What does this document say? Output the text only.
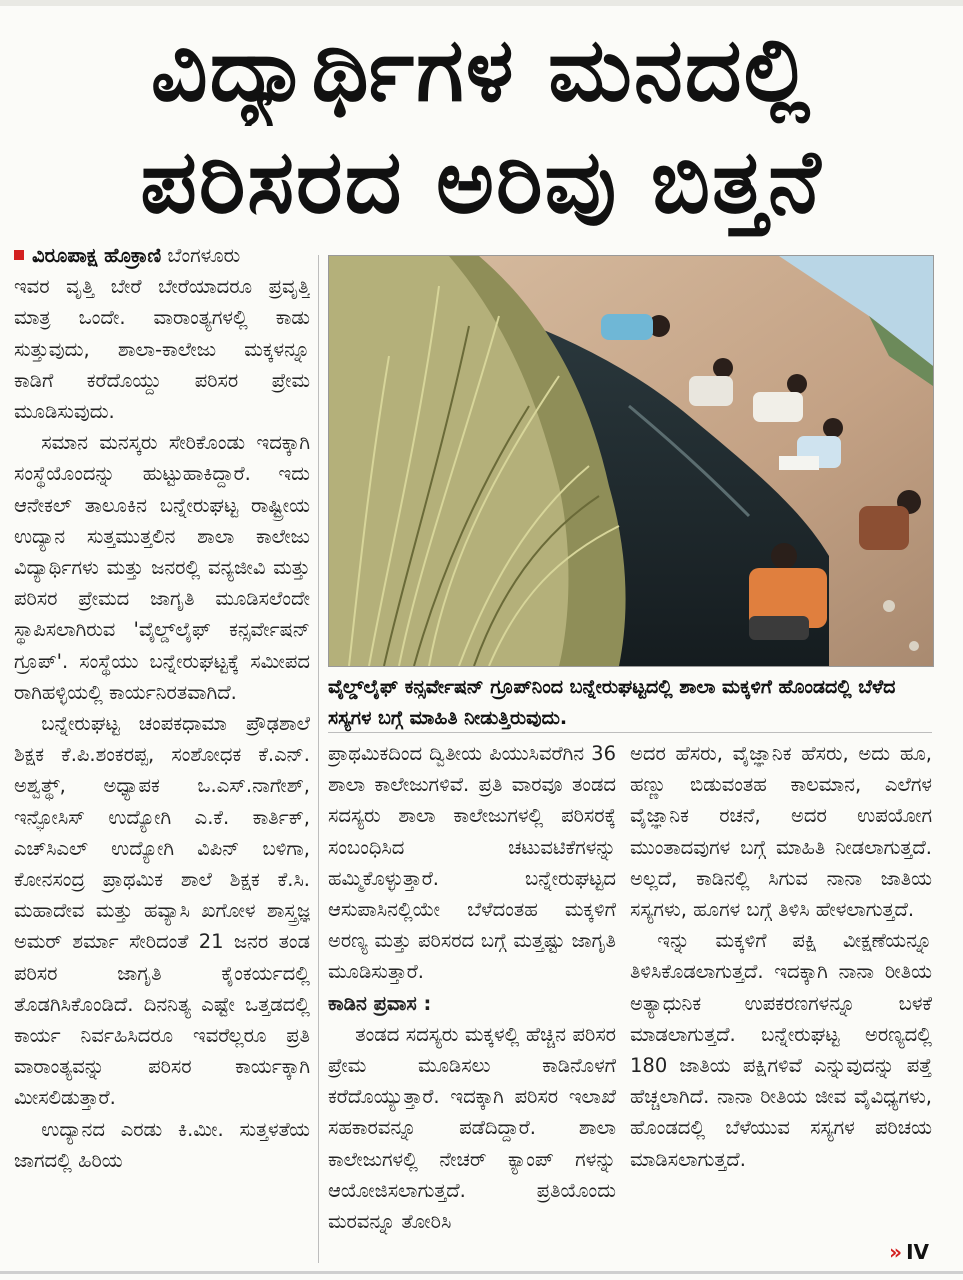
ವಿದ್ಯಾರ್ಥಿಗಳ ಮನದಲ್ಲಿ
ಪರಿಸರದ ಅರಿವು ಬಿತ್ತನೆ

ವಿರೂಪಾಕ್ಷ ಹೊಕ್ರಾಣಿ ಬೆಂಗಳೂರು

ಇವರ ವೃತ್ತಿ ಬೇರೆ ಬೇರೆಯಾದರೂ ಪ್ರವೃತ್ತಿ ಮಾತ್ರ ಒಂದೇ. ವಾರಾಂತ್ಯಗಳಲ್ಲಿ ಕಾಡು ಸುತ್ತುವುದು, ಶಾಲಾ-ಕಾಲೇಜು ಮಕ್ಕಳನ್ನೂ ಕಾಡಿಗೆ ಕರೆದೊಯ್ದು ಪರಿಸರ ಪ್ರೇಮ ಮೂಡಿಸುವುದು.

ಸಮಾನ ಮನಸ್ಕರು ಸೇರಿಕೊಂಡು ಇದಕ್ಕಾಗಿ ಸಂಸ್ಥೆಯೊಂದನ್ನು ಹುಟ್ಟುಹಾಕಿದ್ದಾರೆ. ಇದು ಆನೇಕಲ್ ತಾಲೂಕಿನ ಬನ್ನೇರುಘಟ್ಟ ರಾಷ್ಟ್ರೀಯ ಉದ್ಯಾನ ಸುತ್ತಮುತ್ತಲಿನ ಶಾಲಾ ಕಾಲೇಜು ವಿದ್ಯಾರ್ಥಿಗಳು ಮತ್ತು ಜನರಲ್ಲಿ ವನ್ಯಜೀವಿ ಮತ್ತು ಪರಿಸರ ಪ್ರೇಮದ ಜಾಗೃತಿ ಮೂಡಿಸಲೆಂದೇ ಸ್ಥಾಪಿಸಲಾಗಿರುವ 'ವೈಲ್ಡ್‌ಲೈಫ್ ಕನ್ಸರ್ವೇಷನ್ ಗ್ರೂಪ್'. ಸಂಸ್ಥೆಯು ಬನ್ನೇರುಘಟ್ಟಕ್ಕೆ ಸಮೀಪದ ರಾಗಿಹಳ್ಳಿಯಲ್ಲಿ ಕಾರ್ಯನಿರತವಾಗಿದೆ.

ಬನ್ನೇರುಘಟ್ಟ ಚಂಪಕಧಾಮಾ ಪ್ರೌಢಶಾಲೆ ಶಿಕ್ಷಕ ಕೆ.ಪಿ.ಶಂಕರಪ್ಪ, ಸಂಶೋಧಕ ಕೆ.ಎನ್. ಅಶ್ವತ್ಥ್, ಅಧ್ಯಾಪಕ ಒ.ಎಸ್.ನಾಗೇಶ್, ಇನ್ಫೋಸಿಸ್ ಉದ್ಯೋಗಿ ಎ.ಕೆ. ಕಾರ್ತಿಕ್, ಎಚ್‌ಸಿಎಲ್ ಉದ್ಯೋಗಿ ವಿಪಿನ್ ಬಳಿಗಾ, ಕೋನಸಂದ್ರ ಪ್ರಾಥಮಿಕ ಶಾಲೆ ಶಿಕ್ಷಕ ಕೆ.ಸಿ. ಮಹಾದೇವ ಮತ್ತು ಹವ್ಯಾಸಿ ಖಗೋಳ ಶಾಸ್ತ್ರಜ್ಞ ಅಮರ್ ಶರ್ಮಾ ಸೇರಿದಂತೆ 21 ಜನರ ತಂಡ ಪರಿಸರ ಜಾಗೃತಿ ಕೈಂಕರ್ಯದಲ್ಲಿ ತೊಡಗಿಸಿಕೊಂಡಿದೆ. ದಿನನಿತ್ಯ ಎಷ್ಟೇ ಒತ್ತಡದಲ್ಲಿ ಕಾರ್ಯ ನಿರ್ವಹಿಸಿದರೂ ಇವರೆಲ್ಲರೂ ಪ್ರತಿ ವಾರಾಂತ್ಯವನ್ನು ಪರಿಸರ ಕಾರ್ಯಕ್ಕಾಗಿ ಮೀಸಲಿಡುತ್ತಾರೆ.

ಉದ್ಯಾನದ ಎರಡು ಕಿ.ಮೀ. ಸುತ್ತಳತೆಯ ಜಾಗದಲ್ಲಿ ಹಿರಿಯ

ವೈಲ್ಡ್‌ಲೈಫ್ ಕನ್ಸರ್ವೇಷನ್ ಗ್ರೂಪ್‌ನಿಂದ ಬನ್ನೇರುಘಟ್ಟದಲ್ಲಿ ಶಾಲಾ ಮಕ್ಕಳಿಗೆ ಹೊಂಡದಲ್ಲಿ ಬೆಳೆದ ಸಸ್ಯಗಳ ಬಗ್ಗೆ ಮಾಹಿತಿ ನೀಡುತ್ತಿರುವುದು.

ಪ್ರಾಥಮಿಕದಿಂದ ದ್ವಿತೀಯ ಪಿಯುಸಿವರೆಗಿನ 36 ಶಾಲಾ ಕಾಲೇಜುಗಳಿವೆ. ಪ್ರತಿ ವಾರವೂ ತಂಡದ ಸದಸ್ಯರು ಶಾಲಾ ಕಾಲೇಜುಗಳಲ್ಲಿ ಪರಿಸರಕ್ಕೆ ಸಂಬಂಧಿಸಿದ ಚಟುವಟಿಕೆಗಳನ್ನು ಹಮ್ಮಿಕೊಳ್ಳುತ್ತಾರೆ. ಬನ್ನೇರುಘಟ್ಟದ ಆಸುಪಾಸಿನಲ್ಲಿಯೇ ಬೆಳೆದಂತಹ ಮಕ್ಕಳಿಗೆ ಅರಣ್ಯ ಮತ್ತು ಪರಿಸರದ ಬಗ್ಗೆ ಮತ್ತಷ್ಟು ಜಾಗೃತಿ ಮೂಡಿಸುತ್ತಾರೆ.

ಕಾಡಿನ ಪ್ರವಾಸ :

ತಂಡದ ಸದಸ್ಯರು ಮಕ್ಕಳಲ್ಲಿ ಹೆಚ್ಚಿನ ಪರಿಸರ ಪ್ರೇಮ ಮೂಡಿಸಲು ಕಾಡಿನೊಳಗೆ ಕರೆದೊಯ್ಯುತ್ತಾರೆ. ಇದಕ್ಕಾಗಿ ಪರಿಸರ ಇಲಾಖೆ ಸಹಕಾರವನ್ನೂ ಪಡೆದಿದ್ದಾರೆ. ಶಾಲಾ ಕಾಲೇಜುಗಳಲ್ಲಿ ನೇಚರ್ ಕ್ಯಾಂಪ್ ಗಳನ್ನು ಆಯೋಜಿಸಲಾಗುತ್ತದೆ. ಪ್ರತಿಯೊಂದು ಮರವನ್ನೂ ತೋರಿಸಿ

ಅದರ ಹೆಸರು, ವೈಜ್ಞಾನಿಕ ಹೆಸರು, ಅದು ಹೂ, ಹಣ್ಣು ಬಿಡುವಂತಹ ಕಾಲಮಾನ, ಎಲೆಗಳ ವೈಜ್ಞಾನಿಕ ರಚನೆ, ಅದರ ಉಪಯೋಗ ಮುಂತಾದವುಗಳ ಬಗ್ಗೆ ಮಾಹಿತಿ ನೀಡಲಾಗುತ್ತದೆ. ಅಲ್ಲದೆ, ಕಾಡಿನಲ್ಲಿ ಸಿಗುವ ನಾನಾ ಜಾತಿಯ ಸಸ್ಯಗಳು, ಹೂಗಳ ಬಗ್ಗೆ ತಿಳಿಸಿ ಹೇಳಲಾಗುತ್ತದೆ.

ಇನ್ನು ಮಕ್ಕಳಿಗೆ ಪಕ್ಷಿ ವೀಕ್ಷಣೆಯನ್ನೂ ತಿಳಿಸಿಕೊಡಲಾಗುತ್ತದೆ. ಇದಕ್ಕಾಗಿ ನಾನಾ ರೀತಿಯ ಅತ್ಯಾಧುನಿಕ ಉಪಕರಣಗಳನ್ನೂ ಬಳಕೆ ಮಾಡಲಾಗುತ್ತದೆ. ಬನ್ನೇರುಘಟ್ಟ ಅರಣ್ಯದಲ್ಲಿ 180 ಜಾತಿಯ ಪಕ್ಷಿಗಳಿವೆ ಎನ್ನುವುದನ್ನು ಪತ್ತೆ ಹೆಚ್ಚಲಾಗಿದೆ. ನಾನಾ ರೀತಿಯ ಜೀವ ವೈವಿಧ್ಯಗಳು, ಹೊಂಡದಲ್ಲಿ ಬೆಳೆಯುವ ಸಸ್ಯಗಳ ಪರಿಚಯ ಮಾಡಿಸಲಾಗುತ್ತದೆ.

» IV
